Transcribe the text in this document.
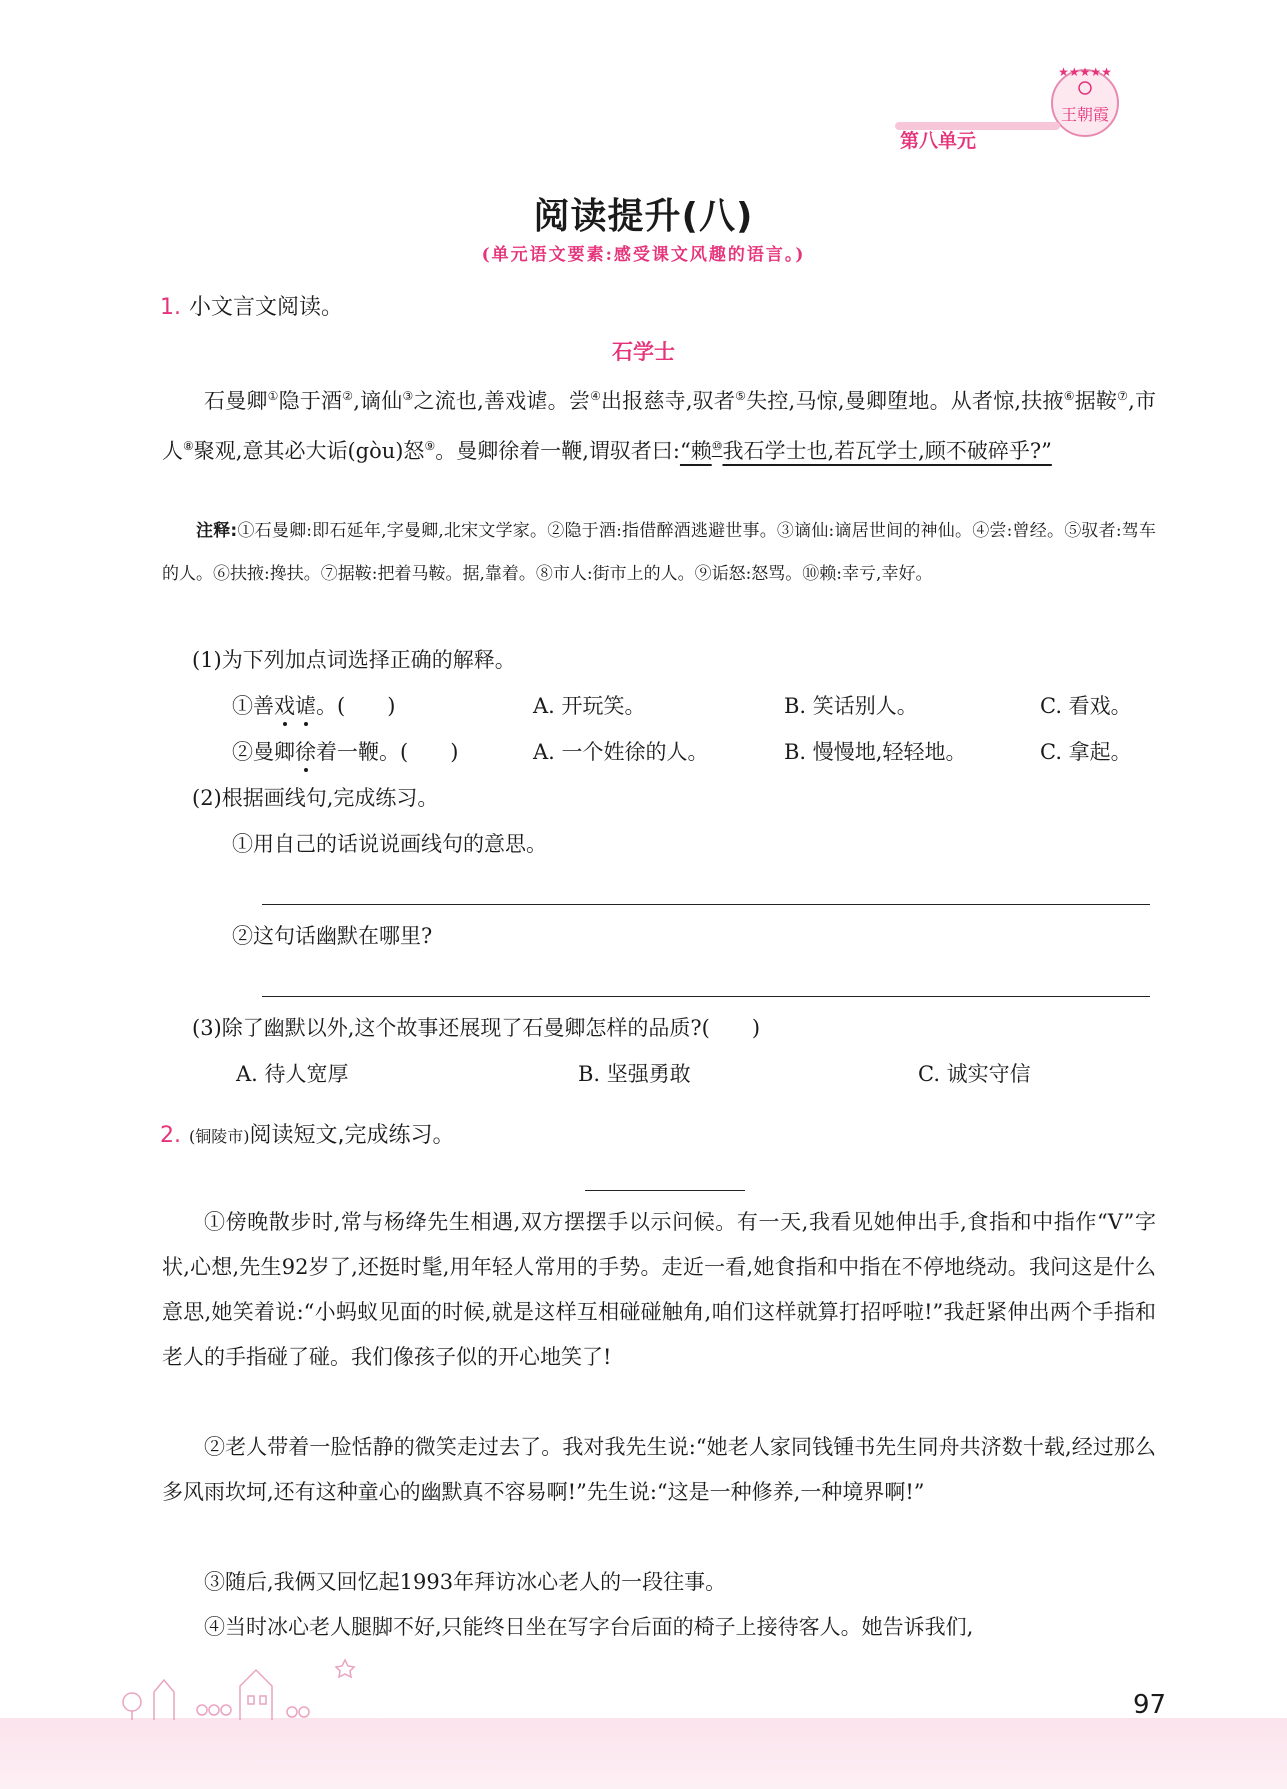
★★★★★
王朝霞
第八单元
阅读提升(八)
(单元语文要素:感受课文风趣的语言。)
1. 小文言文阅读。
石学士
石曼卿①隐于酒②,谪仙③之流也,善戏谑。尝④出报慈寺,驭者⑤失控,马惊,曼卿堕地。从者惊,扶掖⑥据鞍⑦,市人⑧聚观,意其必大诟(gòu)怒⑨。曼卿徐着一鞭,谓驭者曰:“赖⑩我石学士也,若瓦学士,顾不破碎乎?”
注释:①石曼卿:即石延年,字曼卿,北宋文学家。②隐于酒:指借醉酒逃避世事。③谪仙:谪居世间的神仙。④尝:曾经。⑤驭者:驾车的人。⑥扶掖:搀扶。⑦据鞍:把着马鞍。据,靠着。⑧市人:街市上的人。⑨诟怒:怒骂。⑩赖:幸亏,幸好。
(1)为下列加点词选择正确的解释。
①善戏谑。(　　)	A. 开玩笑。	B. 笑话别人。	C. 看戏。
②曼卿徐着一鞭。(　　)	A. 一个姓徐的人。	B. 慢慢地,轻轻地。	C. 拿起。
(2)根据画线句,完成练习。
①用自己的话说说画线句的意思。
②这句话幽默在哪里?
(3)除了幽默以外,这个故事还展现了石曼卿怎样的品质?(　　)
A. 待人宽厚	B. 坚强勇敢	C. 诚实守信
2. (铜陵市)阅读短文,完成练习。
①傍晚散步时,常与杨绛先生相遇,双方摆摆手以示问候。有一天,我看见她伸出手,食指和中指作“V”字状,心想,先生92岁了,还挺时髦,用年轻人常用的手势。走近一看,她食指和中指在不停地绕动。我问这是什么意思,她笑着说:“小蚂蚁见面的时候,就是这样互相碰碰触角,咱们这样就算打招呼啦!”我赶紧伸出两个手指和老人的手指碰了碰。我们像孩子似的开心地笑了!
②老人带着一脸恬静的微笑走过去了。我对我先生说:“她老人家同钱锺书先生同舟共济数十载,经过那么多风雨坎坷,还有这种童心的幽默真不容易啊!”先生说:“这是一种修养,一种境界啊!”
③随后,我俩又回忆起1993年拜访冰心老人的一段往事。
④当时冰心老人腿脚不好,只能终日坐在写字台后面的椅子上接待客人。她告诉我们,
97
